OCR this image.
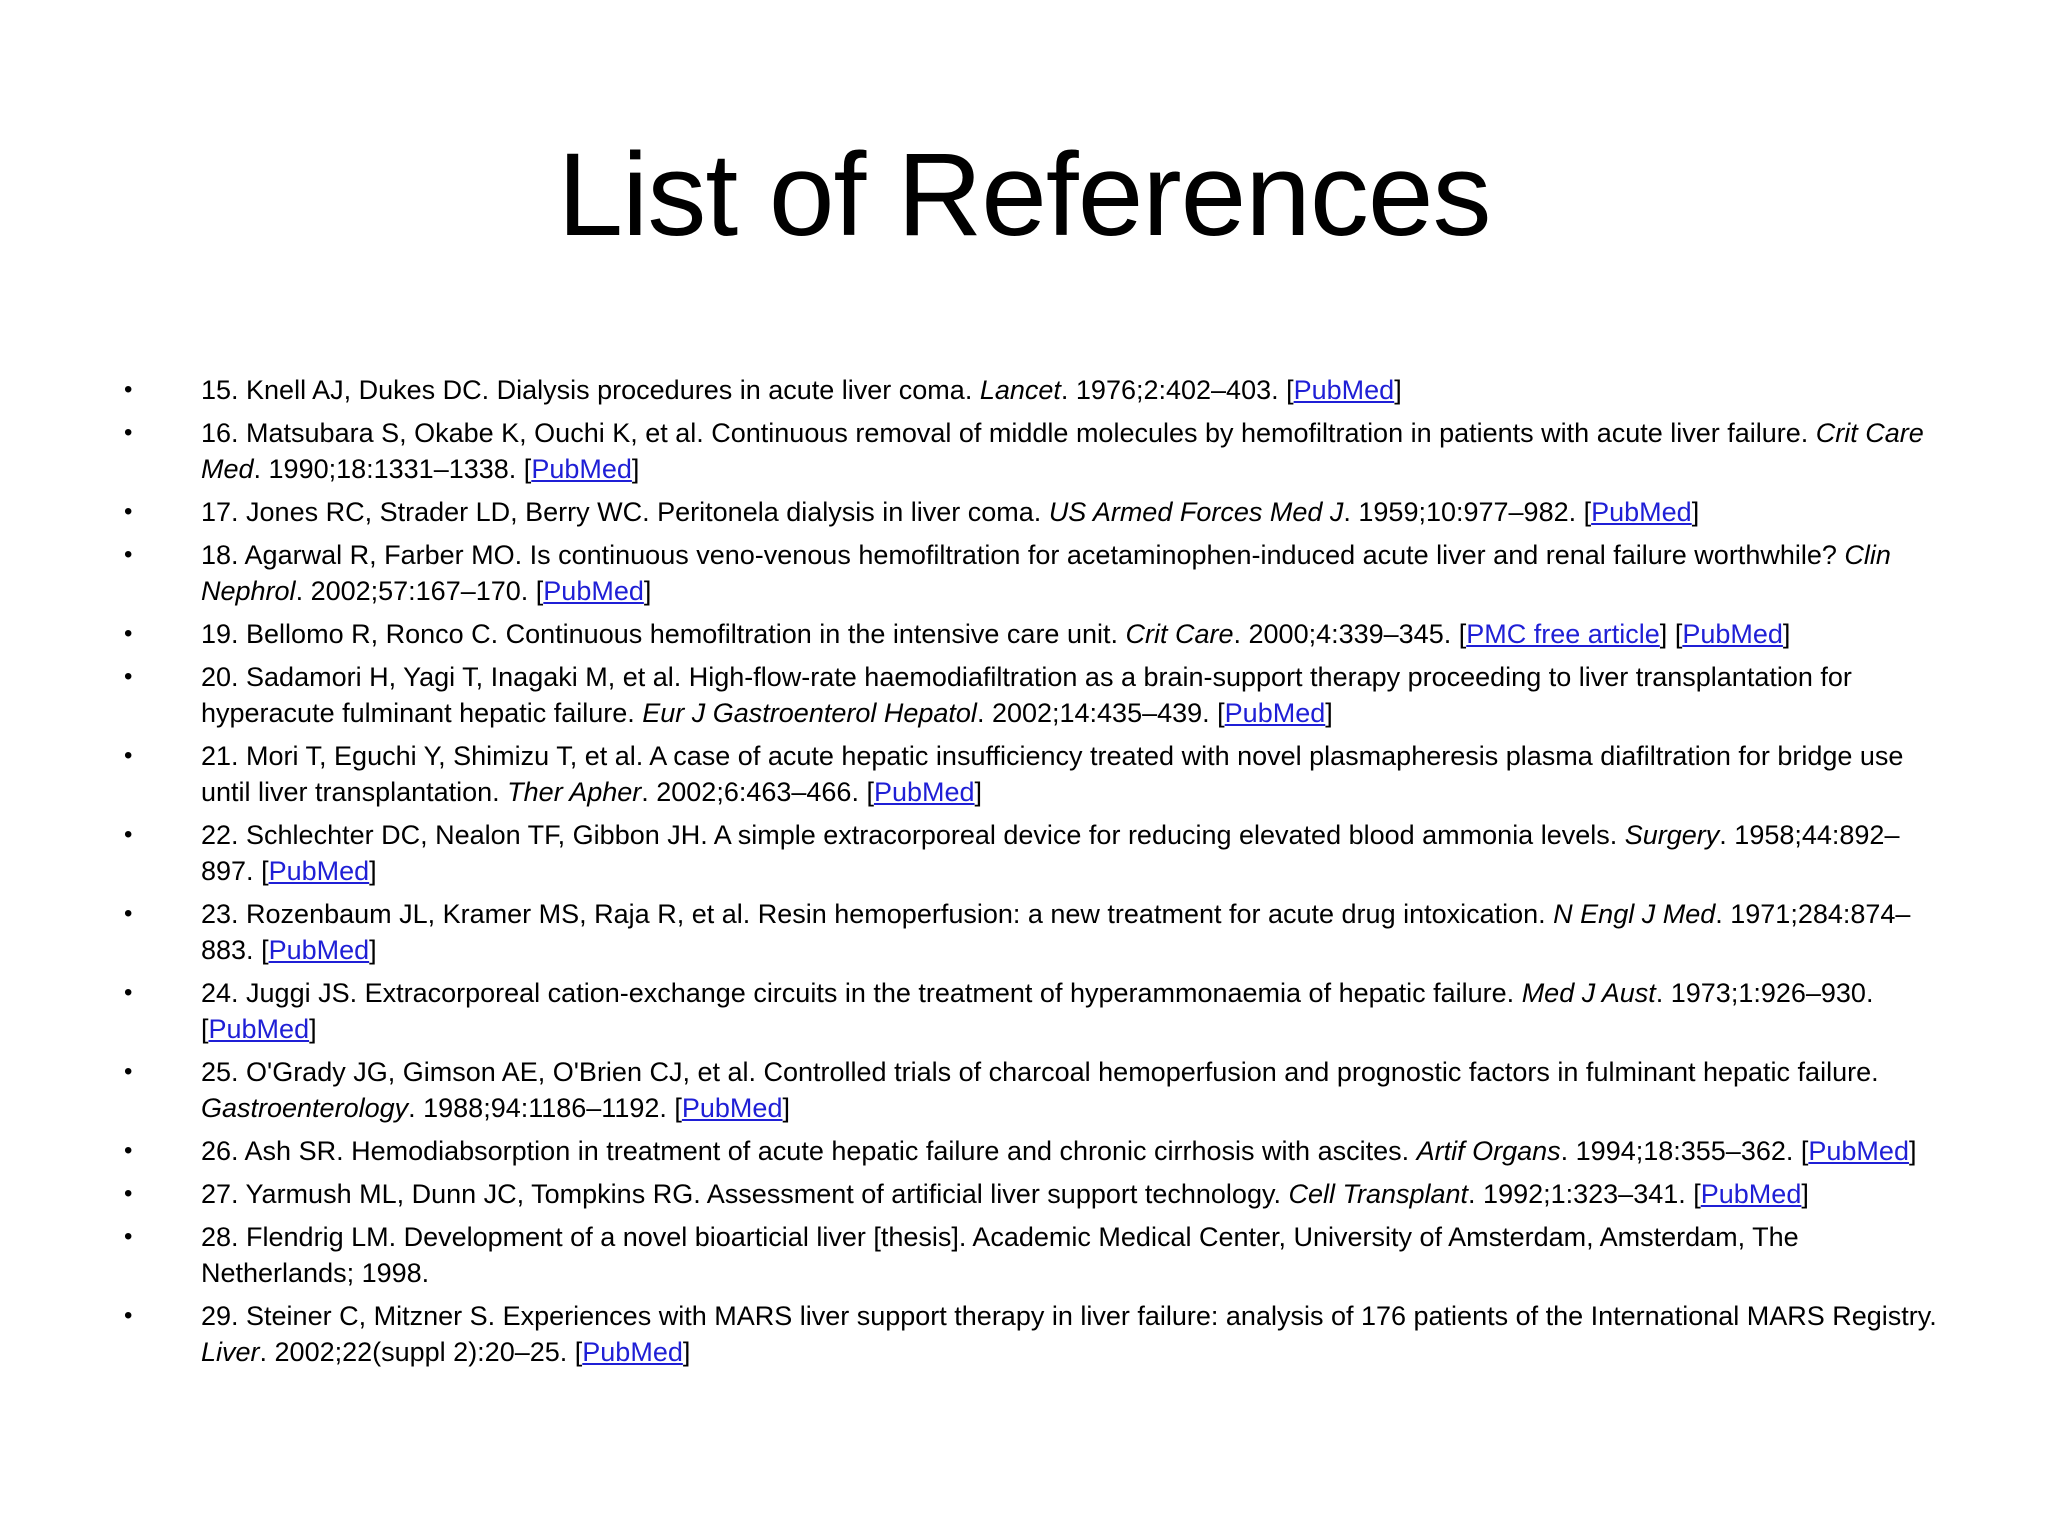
List of References
•	15. Knell AJ, Dukes DC. Dialysis procedures in acute liver coma. Lancet. 1976;2:402–403. [PubMed]
•	16. Matsubara S, Okabe K, Ouchi K, et al. Continuous removal of middle molecules by hemofiltration in patients with acute liver failure. Crit Care Med. 1990;18:1331–1338. [PubMed]
•	17. Jones RC, Strader LD, Berry WC. Peritonela dialysis in liver coma. US Armed Forces Med J. 1959;10:977–982. [PubMed]
•	18. Agarwal R, Farber MO. Is continuous veno-venous hemofiltration for acetaminophen-induced acute liver and renal failure worthwhile? Clin Nephrol. 2002;57:167–170. [PubMed]
•	19. Bellomo R, Ronco C. Continuous hemofiltration in the intensive care unit. Crit Care. 2000;4:339–345. [PMC free article] [PubMed]
•	20. Sadamori H, Yagi T, Inagaki M, et al. High-flow-rate haemodiafiltration as a brain-support therapy proceeding to liver transplantation for hyperacute fulminant hepatic failure. Eur J Gastroenterol Hepatol. 2002;14:435–439. [PubMed]
•	21. Mori T, Eguchi Y, Shimizu T, et al. A case of acute hepatic insufficiency treated with novel plasmapheresis plasma diafiltration for bridge use until liver transplantation. Ther Apher. 2002;6:463–466. [PubMed]
•	22. Schlechter DC, Nealon TF, Gibbon JH. A simple extracorporeal device for reducing elevated blood ammonia levels. Surgery. 1958;44:892–897. [PubMed]
•	23. Rozenbaum JL, Kramer MS, Raja R, et al. Resin hemoperfusion: a new treatment for acute drug intoxication. N Engl J Med. 1971;284:874–883. [PubMed]
•	24. Juggi JS. Extracorporeal cation-exchange circuits in the treatment of hyperammonaemia of hepatic failure. Med J Aust. 1973;1:926–930. [PubMed]
•	25. O'Grady JG, Gimson AE, O'Brien CJ, et al. Controlled trials of charcoal hemoperfusion and prognostic factors in fulminant hepatic failure. Gastroenterology. 1988;94:1186–1192. [PubMed]
•	26. Ash SR. Hemodiabsorption in treatment of acute hepatic failure and chronic cirrhosis with ascites. Artif Organs. 1994;18:355–362. [PubMed]
•	27. Yarmush ML, Dunn JC, Tompkins RG. Assessment of artificial liver support technology. Cell Transplant. 1992;1:323–341. [PubMed]
•	28. Flendrig LM. Development of a novel bioarticial liver [thesis]. Academic Medical Center, University of Amsterdam, Amsterdam, The Netherlands; 1998.
•	29. Steiner C, Mitzner S. Experiences with MARS liver support therapy in liver failure: analysis of 176 patients of the International MARS Registry. Liver. 2002;22(suppl 2):20–25. [PubMed]
